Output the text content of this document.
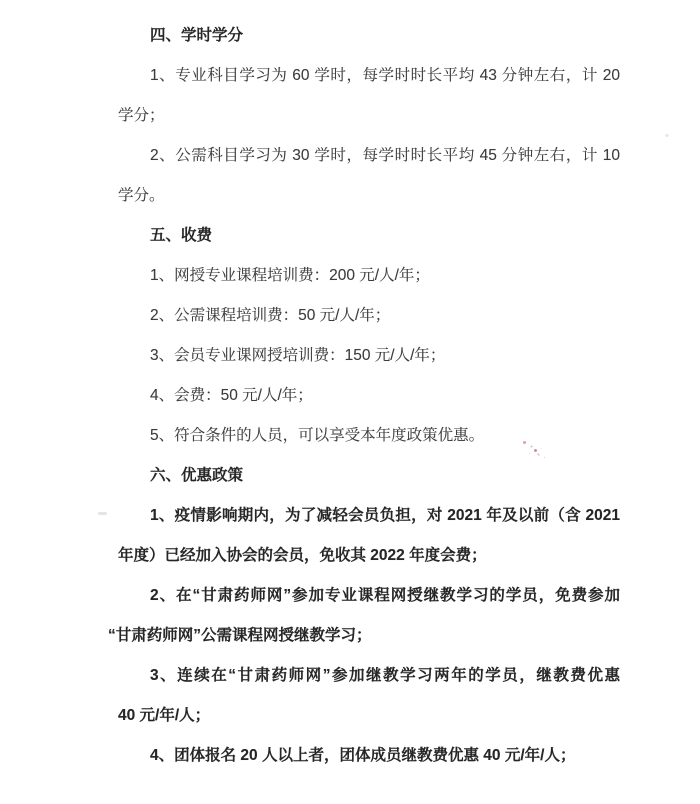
四、学时学分
1、专业科目学习为 60 学时，每学时时长平均 43 分钟左右，计 20
学分；
2、公需科目学习为 30 学时，每学时时长平均 45 分钟左右，计 10
学分。
五、收费
1、网授专业课程培训费：200 元/人/年；
2、公需课程培训费：50 元/人/年；
3、会员专业课网授培训费：150 元/人/年；
4、会费：50 元/人/年；
5、符合条件的人员，可以享受本年度政策优惠。
六、优惠政策
1、疫情影响期内，为了减轻会员负担，对 2021 年及以前（含 2021
年度）已经加入协会的会员，免收其 2022 年度会费；
2、在“甘肃药师网”参加专业课程网授继教学习的学员，免费参加
“甘肃药师网”公需课程网授继教学习；
3、连续在“甘肃药师网”参加继教学习两年的学员，继教费优惠
40 元/年/人；
4、团体报名 20 人以上者，团体成员继教费优惠 40 元/年/人；
